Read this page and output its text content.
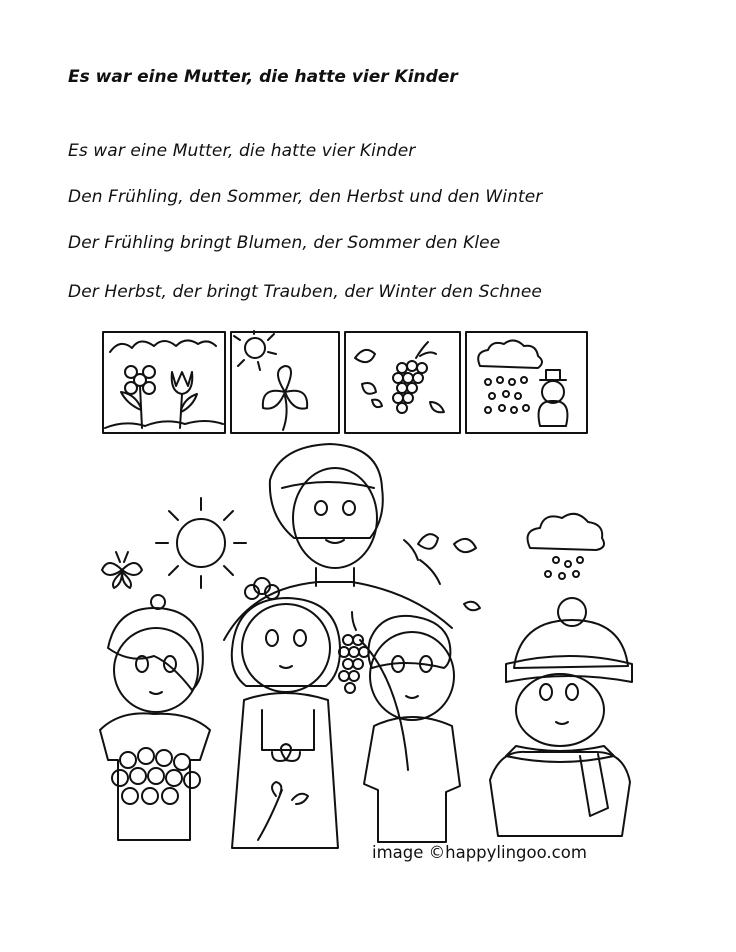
Es war eine Mutter, die hatte vier Kinder
Es war eine Mutter, die hatte vier Kinder
Den Frühling, den Sommer, den Herbst und den Winter
Der Frühling bringt Blumen, der Sommer den Klee
Der Herbst, der bringt Trauben, der Winter den Schnee
image ©happylingoo.com
